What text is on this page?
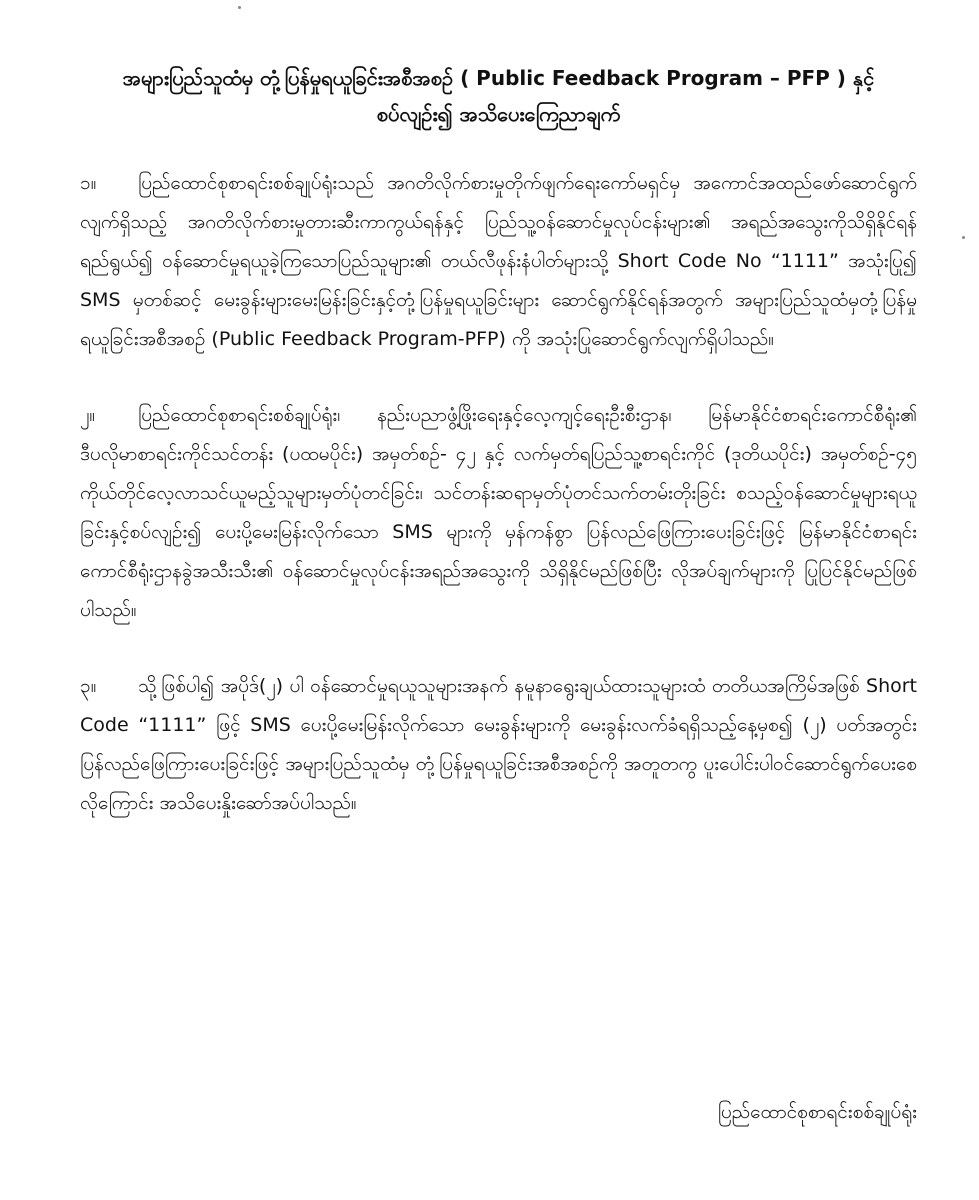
အများပြည်သူထံမှ တုံ့ပြန်မှုရယူခြင်းအစီအစဉ် ( Public Feedback Program – PFP ) နှင့်
စပ်လျဉ်း၍ အသိပေးကြေညာချက်

၁။ ပြည်ထောင်စုစာရင်းစစ်ချုပ်ရုံးသည် အဂတိလိုက်စားမှုတိုက်ဖျက်ရေးကော်မရှင်မှ အကောင်အထည်ဖော်ဆောင်ရွက်လျက်ရှိသည့် အဂတိလိုက်စားမှုတားဆီးကာကွယ်ရန်နှင့် ပြည်သူ့ဝန်ဆောင်မှုလုပ်ငန်းများ၏ အရည်အသွေးကိုသိရှိနိုင်ရန် ရည်ရွယ်၍ ဝန်ဆောင်မှုရယူခဲ့ကြသောပြည်သူများ၏ တယ်လီဖုန်းနံပါတ်များသို့ Short Code No “1111” အသုံးပြု၍ SMS မှတစ်ဆင့် မေးခွန်းများမေးမြန်းခြင်းနှင့်တုံ့ပြန်မှုရယူခြင်းများ ဆောင်ရွက်နိုင်ရန်အတွက် အများပြည်သူထံမှတုံ့ပြန်မှုရယူခြင်းအစီအစဉ် (Public Feedback Program-PFP) ကို အသုံးပြုဆောင်ရွက်လျက်ရှိပါသည်။

၂။ ပြည်ထောင်စုစာရင်းစစ်ချုပ်ရုံး၊ နည်းပညာဖွံ့ဖြိုးရေးနှင့်လေ့ကျင့်ရေးဦးစီးဌာန၊ မြန်မာနိုင်ငံစာရင်းကောင်စီရုံး၏ ဒီပလိုမာစာရင်းကိုင်သင်တန်း (ပထမပိုင်း) အမှတ်စဉ်- ၄၂ နှင့် လက်မှတ်ရပြည်သူ့စာရင်းကိုင် (ဒုတိယပိုင်း) အမှတ်စဉ်-၄၅ ကိုယ်တိုင်လေ့လာသင်ယူမည့်သူများမှတ်ပုံတင်ခြင်း၊ သင်တန်းဆရာမှတ်ပုံတင်သက်တမ်းတိုးခြင်း စသည့်ဝန်ဆောင်မှုများရယူခြင်းနှင့်စပ်လျဉ်း၍ ပေးပို့မေးမြန်းလိုက်သော SMS များကို မှန်ကန်စွာ ပြန်လည်ဖြေကြားပေးခြင်းဖြင့် မြန်မာနိုင်ငံစာရင်းကောင်စီရုံးဌာနခွဲအသီးသီး၏ ဝန်ဆောင်မှုလုပ်ငန်းအရည်အသွေးကို သိရှိနိုင်မည်ဖြစ်ပြီး လိုအပ်ချက်များကို ပြုပြင်နိုင်မည်ဖြစ်ပါသည်။

၃။ သို့ဖြစ်ပါ၍ အပိုဒ်(၂) ပါ ဝန်ဆောင်မှုရယူသူများအနက် နမူနာရွေးချယ်ထားသူများထံ တတိယအကြိမ်အဖြစ် Short Code “1111” ဖြင့် SMS ပေးပို့မေးမြန်းလိုက်သော မေးခွန်းများကို မေးခွန်းလက်ခံရရှိသည့်နေ့မှစ၍ (၂) ပတ်အတွင်း ပြန်လည်ဖြေကြားပေးခြင်းဖြင့် အများပြည်သူထံမှ တုံ့ပြန်မှုရယူခြင်းအစီအစဉ်ကို အတူတကွ ပူးပေါင်းပါဝင်ဆောင်ရွက်ပေးစေလိုကြောင်း အသိပေးနှိုးဆော်အပ်ပါသည်။

ပြည်ထောင်စုစာရင်းစစ်ချုပ်ရုံး
